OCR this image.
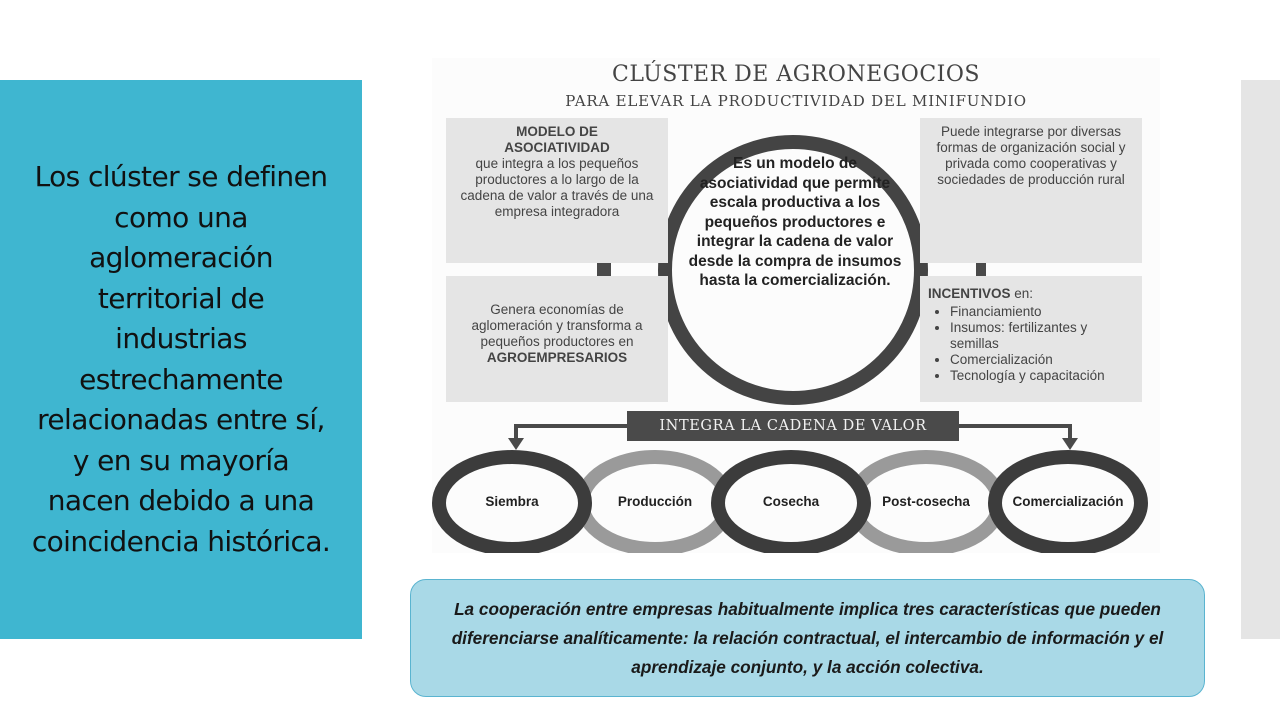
Los clúster se definen como una aglomeración territorial de industrias estrechamente relacionadas entre sí, y en su mayoría nacen debido a una coincidencia histórica.
CLÚSTER DE AGRONEGOCIOS
PARA ELEVAR LA PRODUCTIVIDAD DEL MINIFUNDIO
MODELO DE ASOCIATIVIDAD
que integra a los pequeños productores a lo largo de la cadena de valor a través de una empresa integradora
Puede integrarse por diversas formas de organización social y privada como cooperativas y sociedades de producción rural
Genera economías de aglomeración y transforma a pequeños productores en
AGROEMPRESARIOS
INCENTIVOS en:
• Financiamiento
• Insumos: fertilizantes y semillas
• Comercialización
• Tecnología y capacitación
Es un modelo de asociatividad que permite escala productiva a los pequeños productores e integrar la cadena de valor desde la compra de insumos hasta la comercialización.
INTEGRA LA CADENA DE VALOR
Siembra	Producción	Cosecha	Post-cosecha	Comercialización
La cooperación entre empresas habitualmente implica tres características que pueden diferenciarse analíticamente: la relación contractual, el intercambio de información y el aprendizaje conjunto, y la acción colectiva.
